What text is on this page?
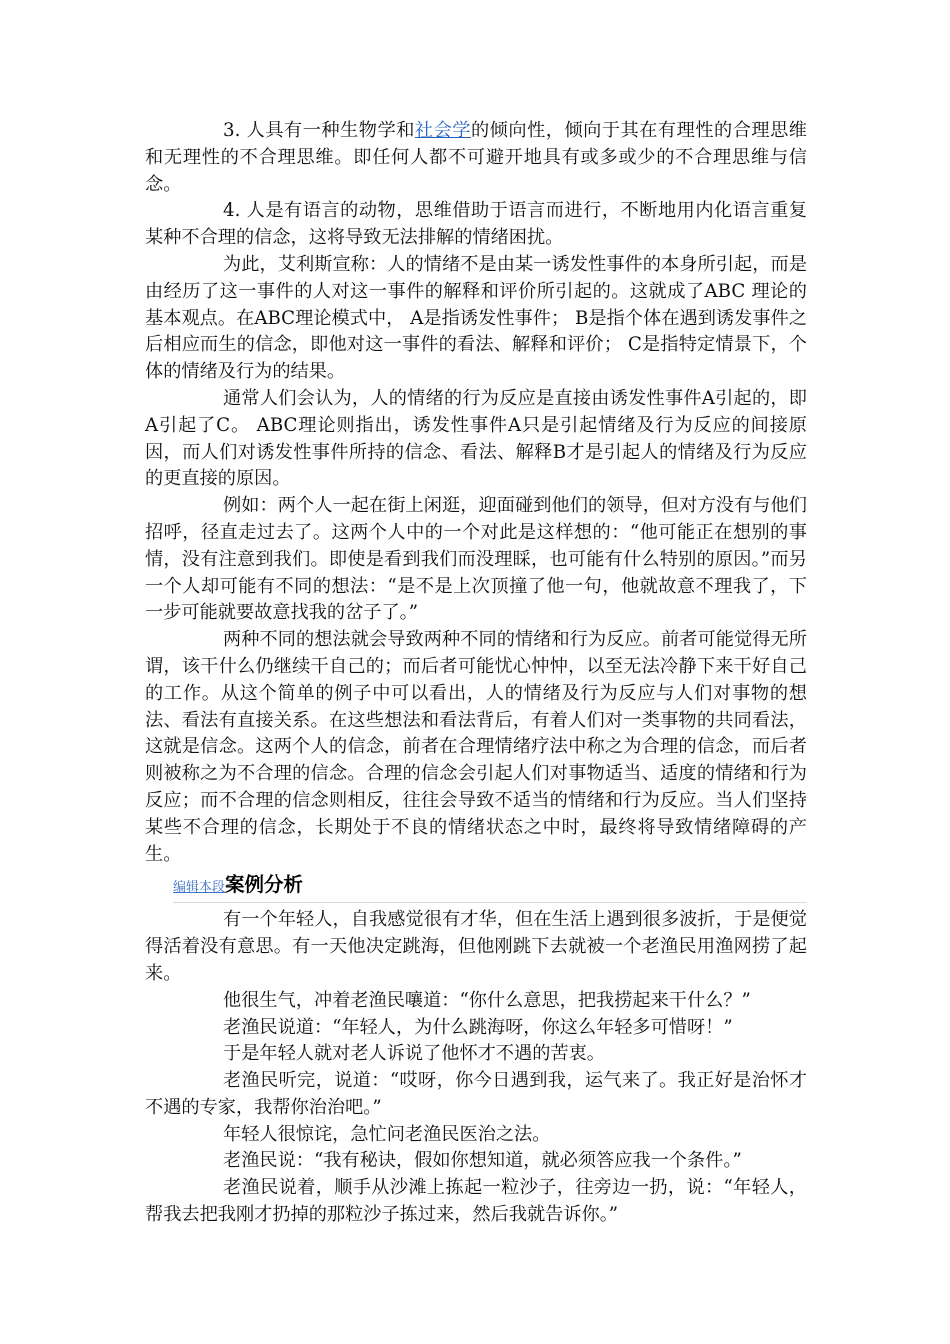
3. 人具有一种生物学和社会学的倾向性，倾向于其在有理性的合理思维和无理性的不合理思维。即任何人都不可避开地具有或多或少的不合理思维与信念。

4. 人是有语言的动物，思维借助于语言而进行，不断地用内化语言重复某种不合理的信念，这将导致无法排解的情绪困扰。

为此，艾利斯宣称：人的情绪不是由某一诱发性事件的本身所引起，而是由经历了这一事件的人对这一事件的解释和评价所引起的。这就成了ABC 理论的基本观点。在ABC理论模式中， A是指诱发性事件； B是指个体在遇到诱发事件之后相应而生的信念，即他对这一事件的看法、解释和评价； C是指特定情景下，个体的情绪及行为的结果。

通常人们会认为，人的情绪的行为反应是直接由诱发性事件A引起的，即A引起了C。 ABC理论则指出，诱发性事件A只是引起情绪及行为反应的间接原因，而人们对诱发性事件所持的信念、看法、解释B才是引起人的情绪及行为反应的更直接的原因。

例如：两个人一起在街上闲逛，迎面碰到他们的领导，但对方没有与他们招呼，径直走过去了。这两个人中的一个对此是这样想的：“他可能正在想别的事情，没有注意到我们。即使是看到我们而没理睬，也可能有什么特别的原因。”而另一个人却可能有不同的想法：“是不是上次顶撞了他一句，他就故意不理我了，下一步可能就要故意找我的岔子了。”

两种不同的想法就会导致两种不同的情绪和行为反应。前者可能觉得无所谓，该干什么仍继续干自己的；而后者可能忧心忡忡，以至无法冷静下来干好自己的工作。从这个简单的例子中可以看出，人的情绪及行为反应与人们对事物的想法、看法有直接关系。在这些想法和看法背后，有着人们对一类事物的共同看法，这就是信念。这两个人的信念，前者在合理情绪疗法中称之为合理的信念，而后者则被称之为不合理的信念。合理的信念会引起人们对事物适当、适度的情绪和行为反应；而不合理的信念则相反，往往会导致不适当的情绪和行为反应。当人们坚持某些不合理的信念，长期处于不良的情绪状态之中时，最终将导致情绪障碍的产生。

编辑本段案例分析

有一个年轻人，自我感觉很有才华，但在生活上遇到很多波折，于是便觉得活着没有意思。有一天他决定跳海，但他刚跳下去就被一个老渔民用渔网捞了起来。

他很生气，冲着老渔民嚷道：“你什么意思，把我捞起来干什么？”

老渔民说道：“年轻人，为什么跳海呀，你这么年轻多可惜呀！”

于是年轻人就对老人诉说了他怀才不遇的苦衷。

老渔民听完，说道：“哎呀，你今日遇到我，运气来了。我正好是治怀才不遇的专家，我帮你治治吧。”

年轻人很惊诧，急忙问老渔民医治之法。

老渔民说：“我有秘诀，假如你想知道，就必须答应我一个条件。”

老渔民说着，顺手从沙滩上拣起一粒沙子，往旁边一扔，说：“年轻人，帮我去把我刚才扔掉的那粒沙子拣过来，然后我就告诉你。”
